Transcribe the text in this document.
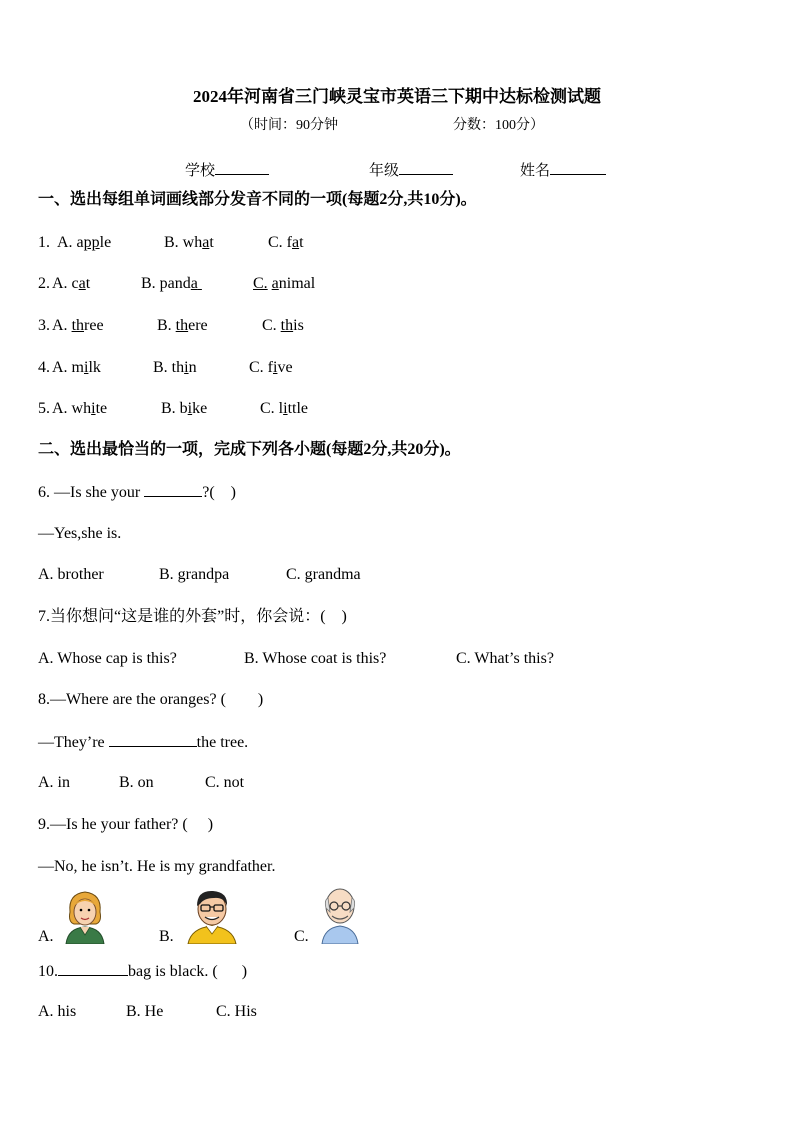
2024年河南省三门峡灵宝市英语三下期中达标检测试题
（时间：90分钟	分数：100分）
学校	年级	姓名
一、选出每组单词画线部分发音不同的一项(每题2分,共10分)。
1. A. apple	B. what	C. fat
2. A. cat	B. panda	C. animal
3. A. three	B. there	C. this
4. A. milk	B. thin	C. five
5. A. white	B. bike	C. little
二、选出最恰当的一项，完成下列各小题(每题2分,共20分)。
6. —Is she your	?(    )
—Yes,she is.
A. brother	B. grandpa	C. grandma
7.当你想问“这是谁的外套”时，你会说：(    )
A. Whose cap is this?	B. Whose coat is this?	C. What’s this?
8.—Where are the oranges? (        )
—They’re	the tree.
A. in	B. on	C. not
9.—Is he your father? (     )
—No, he isn’t. He is my grandfather.
A.	B.	C.
10.	bag is black. (      )
A. his	B. He	C. His
